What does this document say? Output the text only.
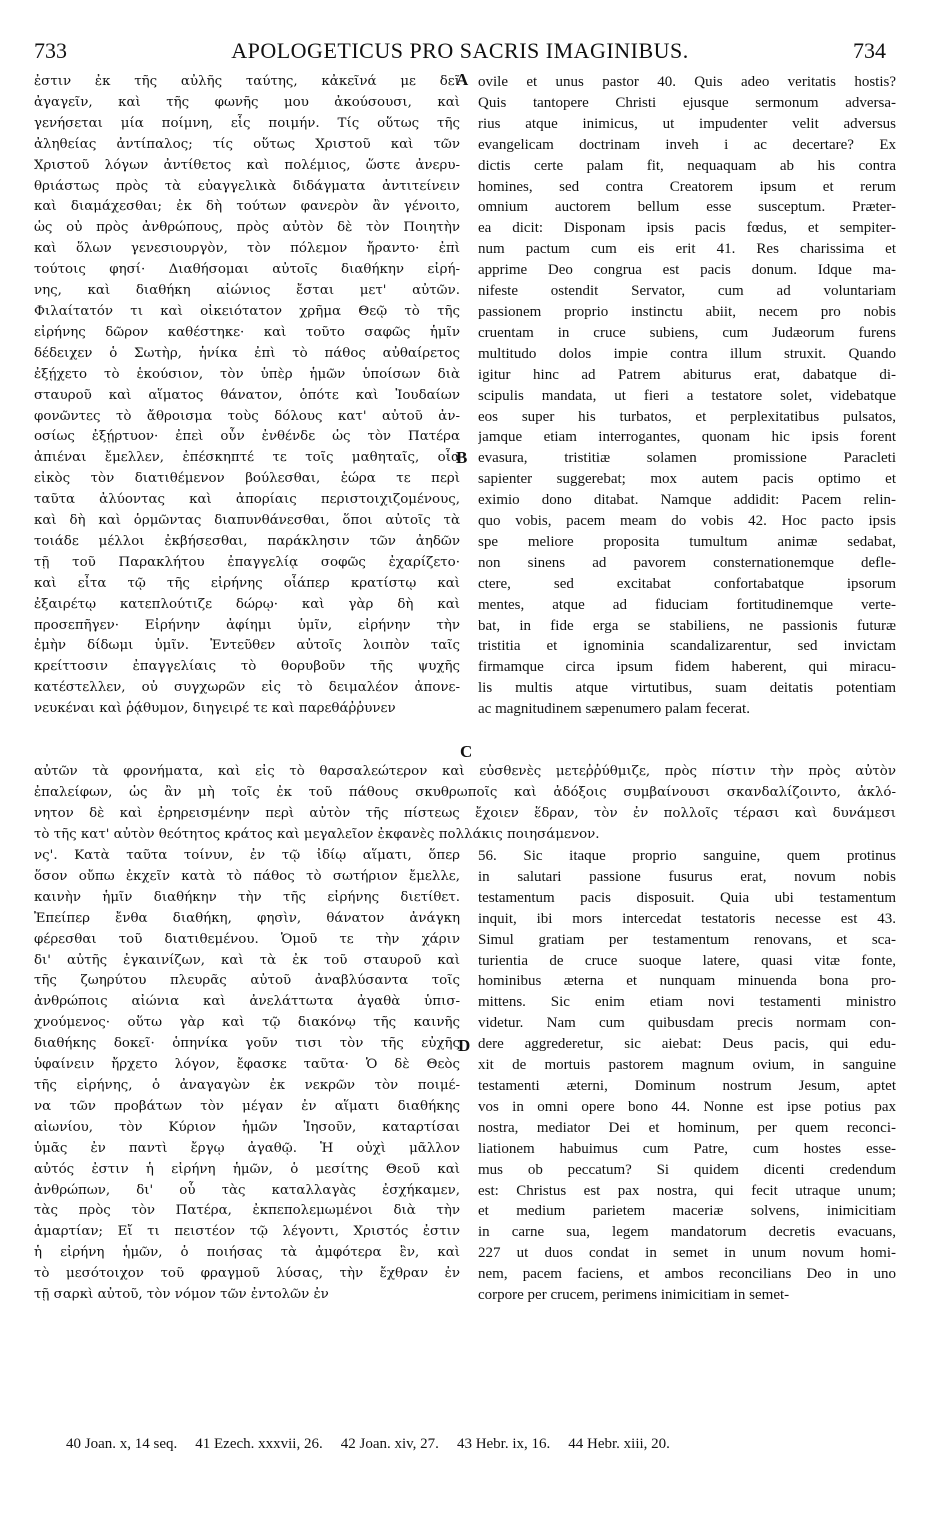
733	APOLOGETICUS PRO SACRIS IMAGINIBUS.	734
ἐστιν ἐκ τῆς αὐλῆς ταύτης, κἀκεῖνά με δεῖ
ἀγαγεῖν, καὶ τῆς φωνῆς μου ἀκούσουσι, καὶ
γενήσεται μία ποίμνη, εἷς ποιμήν. Τίς οὕτως τῆς
ἀληθείας ἀντίπαλος; τίς οὕτως Χριστοῦ καὶ τῶν
Χριστοῦ λόγων ἀντίθετος καὶ πολέμιος, ὥστε ἀνερυ-
θριάστως πρὸς τὰ εὐαγγελικὰ διδάγματα ἀντιτείνειν
καὶ διαμάχεσθαι; ἐκ δὴ τούτων φανερὸν ἂν γένοιτο,
ὡς οὐ πρὸς ἀνθρώπους, πρὸς αὐτὸν δὲ τὸν Ποιητὴν
καὶ ὅλων γενεσιουργὸν, τὸν πόλεμον ἤραντο· ἐπὶ
τούτοις φησί· Διαθήσομαι αὐτοῖς διαθήκην εἰρή-
νης, καὶ διαθήκη αἰώνιος ἔσται μετ' αὐτῶν.
Φιλαίτατόν τι καὶ οἰκειότατον χρῆμα Θεῷ τὸ τῆς
εἰρήνης δῶρον καθέστηκε· καὶ τοῦτο σαφῶς ἡμῖν
δέδειχεν ὁ Σωτὴρ, ἡνίκα ἐπὶ τὸ πάθος αὐθαίρετος
ἐξῄχετο τὸ ἑκούσιον, τὸν ὑπὲρ ἡμῶν ὑποίσων διὰ
σταυροῦ καὶ αἵματος θάνατον, ὁπότε καὶ Ἰουδαίων
φονῶντες τὸ ἄθροισμα τοὺς δόλους κατ' αὐτοῦ ἀν-
οσίως ἐξῄρτυον· ἐπεὶ οὖν ἐνθένδε ὡς τὸν Πατέρα
ἀπιέναι ἔμελλεν, ἐπέσκηπτέ τε τοῖς μαθηταῖς, οἷα
εἰκὸς τὸν διατιθέμενον βούλεσθαι, ἑώρα τε περὶ
ταῦτα ἀλύοντας καὶ ἀπορίαις περιστοιχιζομένους,
καὶ δὴ καὶ ὁρμῶντας διαπυνθάνεσθαι, ὅποι αὐτοῖς τὰ
τοιάδε μέλλοι ἐκβήσεσθαι, παράκλησιν τῶν ἀηδῶν
τῇ τοῦ Παρακλήτου ἐπαγγελίᾳ σοφῶς ἐχαρίζετο·
καὶ εἶτα τῷ τῆς εἰρήνης οἷάπερ κρατίστῳ καὶ
ἐξαιρέτῳ κατεπλούτιζε δώρῳ· καὶ γὰρ δὴ καὶ
προσεπῆγεν· Εἰρήνην ἀφίημι ὑμῖν, εἰρήνην τὴν
ἐμὴν δίδωμι ὑμῖν. Ἐντεῦθεν αὐτοῖς λοιπὸν ταῖς
κρείττοσιν ἐπαγγελίαις τὸ θορυβοῦν τῆς ψυχῆς
κατέστελλεν, οὐ συγχωρῶν εἰς τὸ δειμαλέον ἀπονε-
νευκέναι καὶ ῥᾴθυμον, διηγειρέ τε καὶ παρεθάῤῥυνεν
ovile et unus pastor 40. Quis adeo veritatis hostis?
Quis tantopere Christi ejusque sermonum adversa-
rius atque inimicus, ut impudenter velit adversus
evangelicam doctrinam inveh i ac decertare? Ex
dictis certe palam fit, nequaquam ab his contra
homines, sed contra Creatorem ipsum et rerum
omnium auctorem bellum esse susceptum. Præter-
ea dicit: Disponam ipsis pacis fœdus, et sempiter-
num pactum cum eis erit 41. Res charissima et
apprime Deo congrua est pacis donum. Idque ma-
nifeste ostendit Servator, cum ad voluntariam
passionem proprio instinctu abiit, necem pro nobis
cruentam in cruce subiens, cum Judæorum furens
multitudo dolos impie contra illum struxit. Quando
igitur hinc ad Patrem abiturus erat, dabatque di-
scipulis mandata, ut fieri a testatore solet, videbatque
eos super his turbatos, et perplexitatibus pulsatos,
jamque etiam interrogantes, quonam hic ipsis forent
evasura, tristitiæ solamen promissione Paracleti
sapienter suggerebat; mox autem pacis optimo et
eximio dono ditabat. Namque addidit: Pacem relin-
quo vobis, pacem meam do vobis 42. Hoc pacto ipsis
spe meliore proposita tumultum animæ sedabat,
non sinens ad pavorem consternationemque defle-
ctere, sed excitabat confortabatque ipsorum
mentes, atque ad fiduciam fortitudinemque verte-
bat, in fide erga se stabiliens, ne passionis futuræ
tristitia et ignominia scandalizarentur, sed invictam
firmamque circa ipsum fidem haberent, qui miracu-
lis multis atque virtutibus, suam deitatis potentiam
ac magnitudinem sæpenumero palam fecerat.
A
B
C
D
αὐτῶν τὰ φρονήματα, καὶ εἰς τὸ θαρσαλεώτερον καὶ εὐσθενὲς μετεῤῥύθμιζε, πρὸς πίστιν τὴν πρὸς αὐτὸν
ἐπαλείφων, ὡς ἂν μὴ τοῖς ἐκ τοῦ πάθους σκυθρωποῖς καὶ ἀδόξοις συμβαίνουσι σκανδαλίζοιντο, ἀκλό-
νητον δὲ καὶ ἐρηρεισμένην περὶ αὐτὸν τῆς πίστεως ἔχοιεν ἕδραν, τὸν ἐν πολλοῖς τέρασι καὶ δυνάμεσι
τὸ τῆς κατ' αὐτὸν θεότητος κράτος καὶ μεγαλεῖον ἐκφανὲς πολλάκις ποιησάμενον.
νς'. Κατὰ ταῦτα τοίνυν, ἐν τῷ ἰδίῳ αἵματι, ὅπερ
ὅσον οὔπω ἐκχεῖν κατὰ τὸ πάθος τὸ σωτήριον ἔμελλε,
καινὴν ἡμῖν διαθήκην τὴν τῆς εἰρήνης διετίθετ.
Ἐπείπερ ἔνθα διαθήκη, φησὶν, θάνατον ἀνάγκη
φέρεσθαι τοῦ διατιθεμένου. Ὁμοῦ τε τὴν χάριν
δι' αὐτῆς ἐγκαινίζων, καὶ τὰ ἐκ τοῦ σταυροῦ καὶ
τῆς ζωηρύτου πλευρᾶς αὐτοῦ ἀναβλύσαντα τοῖς
ἀνθρώποις αἰώνια καὶ ἀνελάττωτα ἀγαθὰ ὑπισ-
χνούμενος· οὕτω γὰρ καὶ τῷ διακόνῳ τῆς καινῆς
διαθήκης δοκεῖ· ὁπηνίκα γοῦν τισι τὸν τῆς εὐχῆς
ὑφαίνειν ἤρχετο λόγον, ἔφασκε ταῦτα· Ὁ δὲ Θεὸς
τῆς εἰρήνης, ὁ ἀναγαγὼν ἐκ νεκρῶν τὸν ποιμέ-
να τῶν προβάτων τὸν μέγαν ἐν αἵματι διαθήκης
αἰωνίου, τὸν Κύριον ἡμῶν Ἰησοῦν, καταρτίσαι
ὑμᾶς ἐν παντὶ ἔργῳ ἀγαθῷ. Ἡ οὐχὶ μᾶλλον
αὐτός ἐστιν ἡ εἰρήνη ἡμῶν, ὁ μεσίτης Θεοῦ καὶ
ἀνθρώπων, δι' οὗ τὰς καταλλαγὰς ἐσχήκαμεν,
τὰς πρὸς τὸν Πατέρα, ἐκπεπολεμωμένοι διὰ τὴν
ἁμαρτίαν; Εἴ τι πειστέον τῷ λέγοντι, Χριστός ἐστιν
ἡ εἰρήνη ἡμῶν, ὁ ποιήσας τὰ ἀμφότερα ἓν, καὶ
τὸ μεσότοιχον τοῦ φραγμοῦ λύσας, τὴν ἔχθραν ἐν
τῇ σαρκὶ αὐτοῦ, τὸν νόμον τῶν ἐντολῶν ἐν
56. Sic itaque proprio sanguine, quem protinus
in salutari passione fusurus erat, novum nobis
testamentum pacis disposuit. Quia ubi testamentum
inquit, ibi mors intercedat testatoris necesse est 43.
Simul gratiam per testamentum renovans, et sca-
turientia de cruce suoque latere, quasi vitæ fonte,
hominibus æterna et nunquam minuenda bona pro-
mittens. Sic enim etiam novi testamenti ministro
videtur. Nam cum quibusdam precis normam con-
dere aggrederetur, sic aiebat: Deus pacis, qui edu-
xit de mortuis pastorem magnum ovium, in sanguine
testamenti æterni, Dominum nostrum Jesum, aptet
vos in omni opere bono 44. Nonne est ipse potius pax
nostra, mediator Dei et hominum, per quem reconci-
liationem habuimus cum Patre, cum hostes esse-
mus ob peccatum? Si quidem dicenti credendum
est: Christus est pax nostra, qui fecit utraque unum;
et medium parietem maceriæ solvens, inimicitiam
in carne sua, legem mandatorum decretis evacuans,
227 ut duos condat in semet in unum novum homi-
nem, pacem faciens, et ambos reconcilians Deo in uno
corpore per crucem, perimens inimicitiam in semet-
40 Joan. x, 14 seq. 41 Ezech. xxxvii, 26. 42 Joan. xiv, 27. 43 Hebr. ix, 16. 44 Hebr. xiii, 20.
